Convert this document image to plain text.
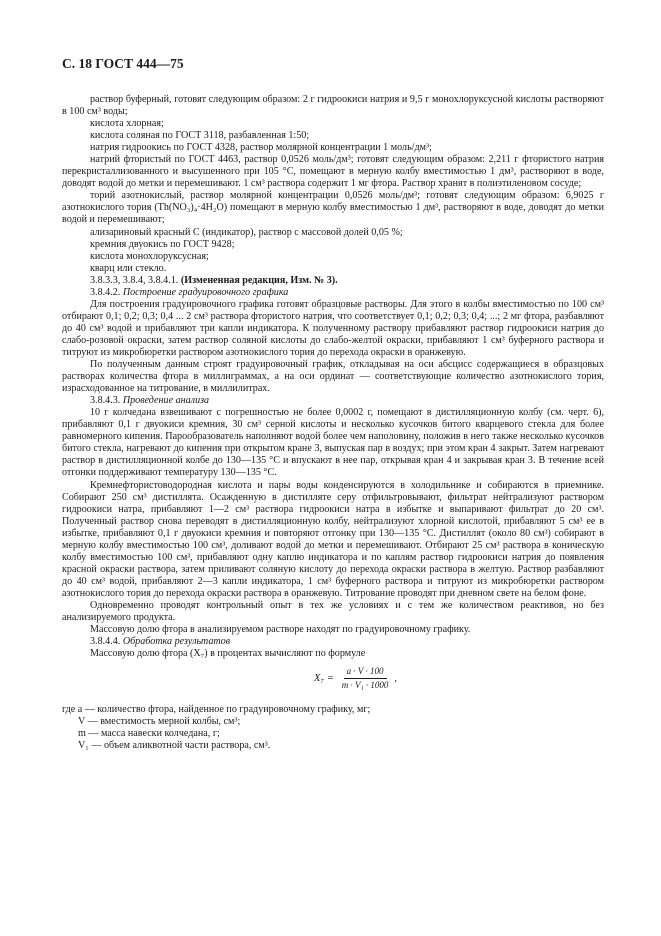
С. 18 ГОСТ 444—75

раствор буферный, готовят следующим образом: 2 г гидроокиси натрия и 9,5 г монохлоруксусной кислоты растворяют в 100 см³ воды;

кислота хлорная;

кислота соляная по ГОСТ 3118, разбавленная 1:50;

натрия гидроокись по ГОСТ 4328, раствор молярной концентрации 1 моль/дм³;

натрий фтористый по ГОСТ 4463, раствор 0,0526 моль/дм³; готовят следующим образом: 2,211 г фтористого натрия перекристаллизованного и высушенного при 105 °С, помещают в мерную колбу вместимостью 1 дм³, растворяют в воде, доводят водой до метки и перемешивают. 1 см³ раствора содержит 1 мг фтора. Раствор хранят в полиэтиленовом сосуде;

торий азотнокислый, раствор молярной концентрации 0,0526 моль/дм³; готовят следующим образом: 6,9025 г азотнокислого тория (Th(NO₃)₄·4H₂O) помещают в мерную колбу вместимостью 1 дм³, растворяют в воде, доводят до метки водой и перемешивают;

ализариновый красный С (индикатор), раствор с массовой долей 0,05 %;

кремния двуокись по ГОСТ 9428;

кислота монохлоруксусная;

кварц или стекло.

3.8.3.3, 3.8.4, 3.8.4.1. (Измененная редакция, Изм. № 3).

3.8.4.2. Построение градуировочного графика

Для построения градуировочного графика готовят образцовые растворы. Для этого в колбы вместимостью по 100 см³ отбирают 0,1; 0,2; 0,3; 0,4 ... 2 см³ раствора фтористого натрия, что соответствует 0,1; 0,2; 0,3; 0,4; ...; 2 мг фтора, разбавляют до 40 см³ водой и прибавляют три капли индикатора. К полученному раствору прибавляют раствор гидроокиси натрия до слабо-розовой окраски, затем раствор соляной кислоты до слабо-желтой окраски, прибавляют 1 см³ буферного раствора и титруют из микробюретки раствором азотнокислого тория до перехода окраски в оранжевую.

По полученным данным строят градуировочный график, откладывая на оси абсцисс содержащиеся в образцовых растворах количества фтора в миллиграммах, а на оси ординат — соответствующие количество азотнокислого тория, израсходованное на титрование, в миллилитрах.

3.8.4.3. Проведение анализа

10 г колчедана взвешивают с погрешностью не более 0,0002 г, помещают в дистилляционную колбу (см. черт. 6), прибавляют 0,1 г двуокиси кремния, 30 см³ серной кислоты и несколько кусочков битого кварцевого стекла для более равномерного кипения. Парообразователь наполняют водой более чем наполовину, положив в него также несколько кусочков битого стекла, нагревают до кипения при открытом кране 3, выпуская пар в воздух; при этом кран 4 закрыт. Затем нагревают раствор в дистилляционной колбе до 130—135 °С и впускают в нее пар, открывая кран 4 и закрывая кран 3. В течение всей отгонки поддерживают температуру 130—135 °С.

Кремнефтористоводородная кислота и пары воды конденсируются в холодильнике и собираются в приемнике. Собирают 250 см³ дистиллята. Осажденную в дистилляте серу отфильтровывают, фильтрат нейтрализуют раствором гидроокиси натра, прибавляют 1—2 см³ раствора гидроокиси натра в избытке и выпаривают фильтрат до 20 см³. Полученный раствор снова переводят в дистилляционную колбу, нейтрализуют хлорной кислотой, прибавляют 5 см³ ее в избытке, прибавляют 0,1 г двуокиси кремния и повторяют отгонку при 130—135 °С. Дистиллят (около 80 см³) собирают в мерную колбу вместимостью 100 см³, доливают водой до метки и перемешивают. Отбирают 25 см³ раствора в коническую колбу вместимостью 100 см³, прибавляют одну каплю индикатора и по каплям раствор гидроокиси натрия до появления красной окраски раствора, затем приливают соляную кислоту до перехода окраски раствора в желтую. Раствор разбавляют до 40 см³ водой, прибавляют 2—3 капли индикатора, 1 см³ буферного раствора и титруют из микробюретки раствором азотнокислого тория до перехода окраски раствора в оранжевую. Титрование проводят при дневном свете на белом фоне.

Одновременно проводят контрольный опыт в тех же условиях и с тем же количеством реактивов, но без анализируемого продукта.

Массовую долю фтора в анализируемом растворе находят по градуировочному графику.

3.8.4.4. Обработка результатов

Массовую долю фтора (X₇) в процентах вычисляют по формуле

$X_7 = \frac{a \cdot V \cdot 100}{\text{m · V₁ · 1000}}$ ,

где a — количество фтора, найденное по градуировочному графику, мг;

V — вместимость мерной колбы, см³;

m — масса навески колчедана, г;

V₁ — объем аликвотной части раствора, см³.
